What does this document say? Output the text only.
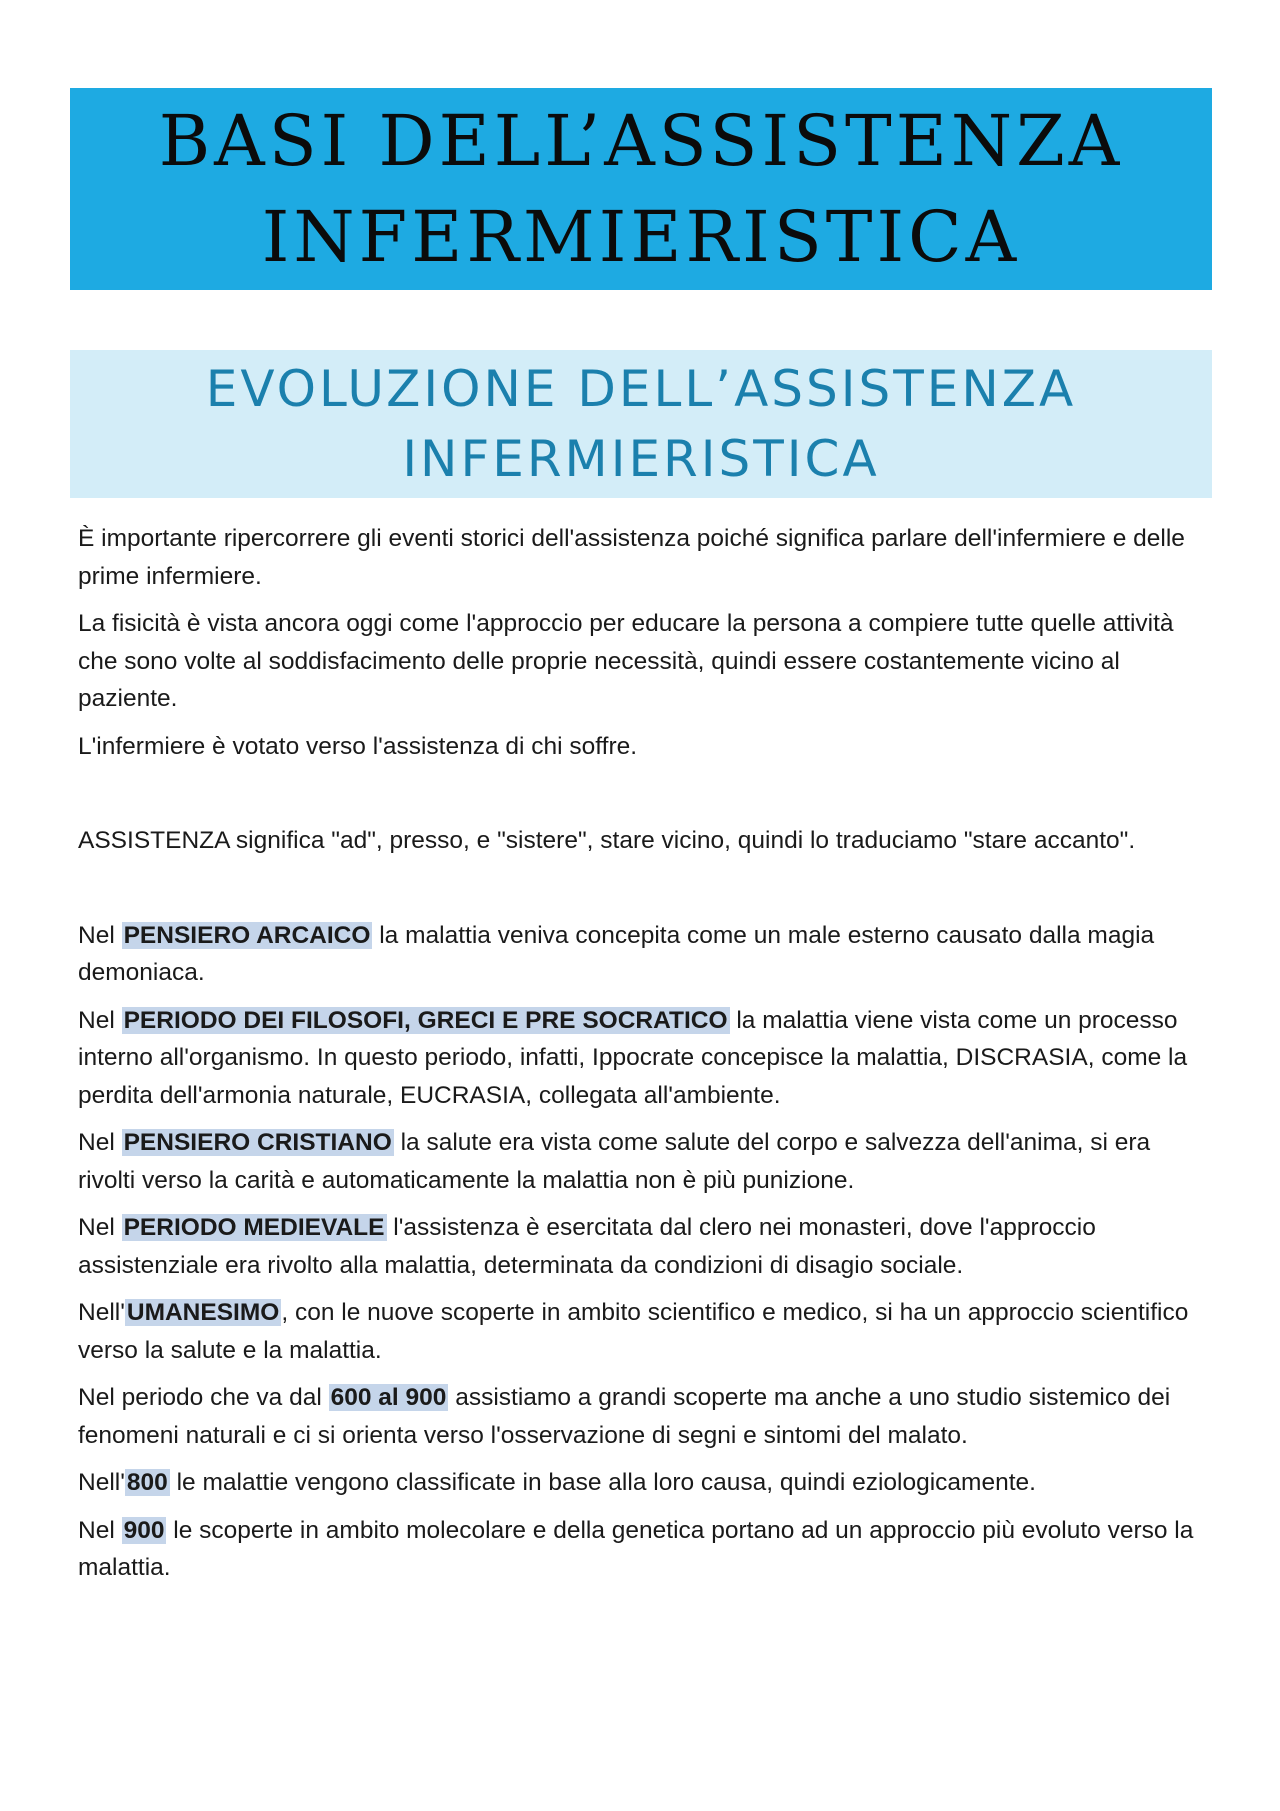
BASI DELL’ASSISTENZA
INFERMIERISTICA
EVOLUZIONE DELL’ASSISTENZA
INFERMIERISTICA

È importante ripercorrere gli eventi storici dell'assistenza poiché significa parlare dell'infermiere e delle prime infermiere.

La fisicità è vista ancora oggi come l'approccio per educare la persona a compiere tutte quelle attività che sono volte al soddisfacimento delle proprie necessità, quindi essere costantemente vicino al paziente.

L'infermiere è votato verso l'assistenza di chi soffre.

ASSISTENZA significa "ad", presso, e "sistere", stare vicino, quindi lo traduciamo "stare accanto".

Nel PENSIERO ARCAICO la malattia veniva concepita come un male esterno causato dalla magia demoniaca.

Nel PERIODO DEI FILOSOFI, GRECI E PRE SOCRATICO la malattia viene vista come un processo interno all'organismo. In questo periodo, infatti, Ippocrate concepisce la malattia, DISCRASIA, come la perdita dell'armonia naturale, EUCRASIA, collegata all'ambiente.

Nel PENSIERO CRISTIANO la salute era vista come salute del corpo e salvezza dell'anima, si era rivolti verso la carità e automaticamente la malattia non è più punizione.

Nel PERIODO MEDIEVALE l'assistenza è esercitata dal clero nei monasteri, dove l'approccio assistenziale era rivolto alla malattia, determinata da condizioni di disagio sociale.

Nell'UMANESIMO, con le nuove scoperte in ambito scientifico e medico, si ha un approccio scientifico verso la salute e la malattia.

Nel periodo che va dal 600 al 900 assistiamo a grandi scoperte ma anche a uno studio sistemico dei fenomeni naturali e ci si orienta verso l'osservazione di segni e sintomi del malato.

Nell'800 le malattie vengono classificate in base alla loro causa, quindi eziologicamente.

Nel 900 le scoperte in ambito molecolare e della genetica portano ad un approccio più evoluto verso la malattia.
